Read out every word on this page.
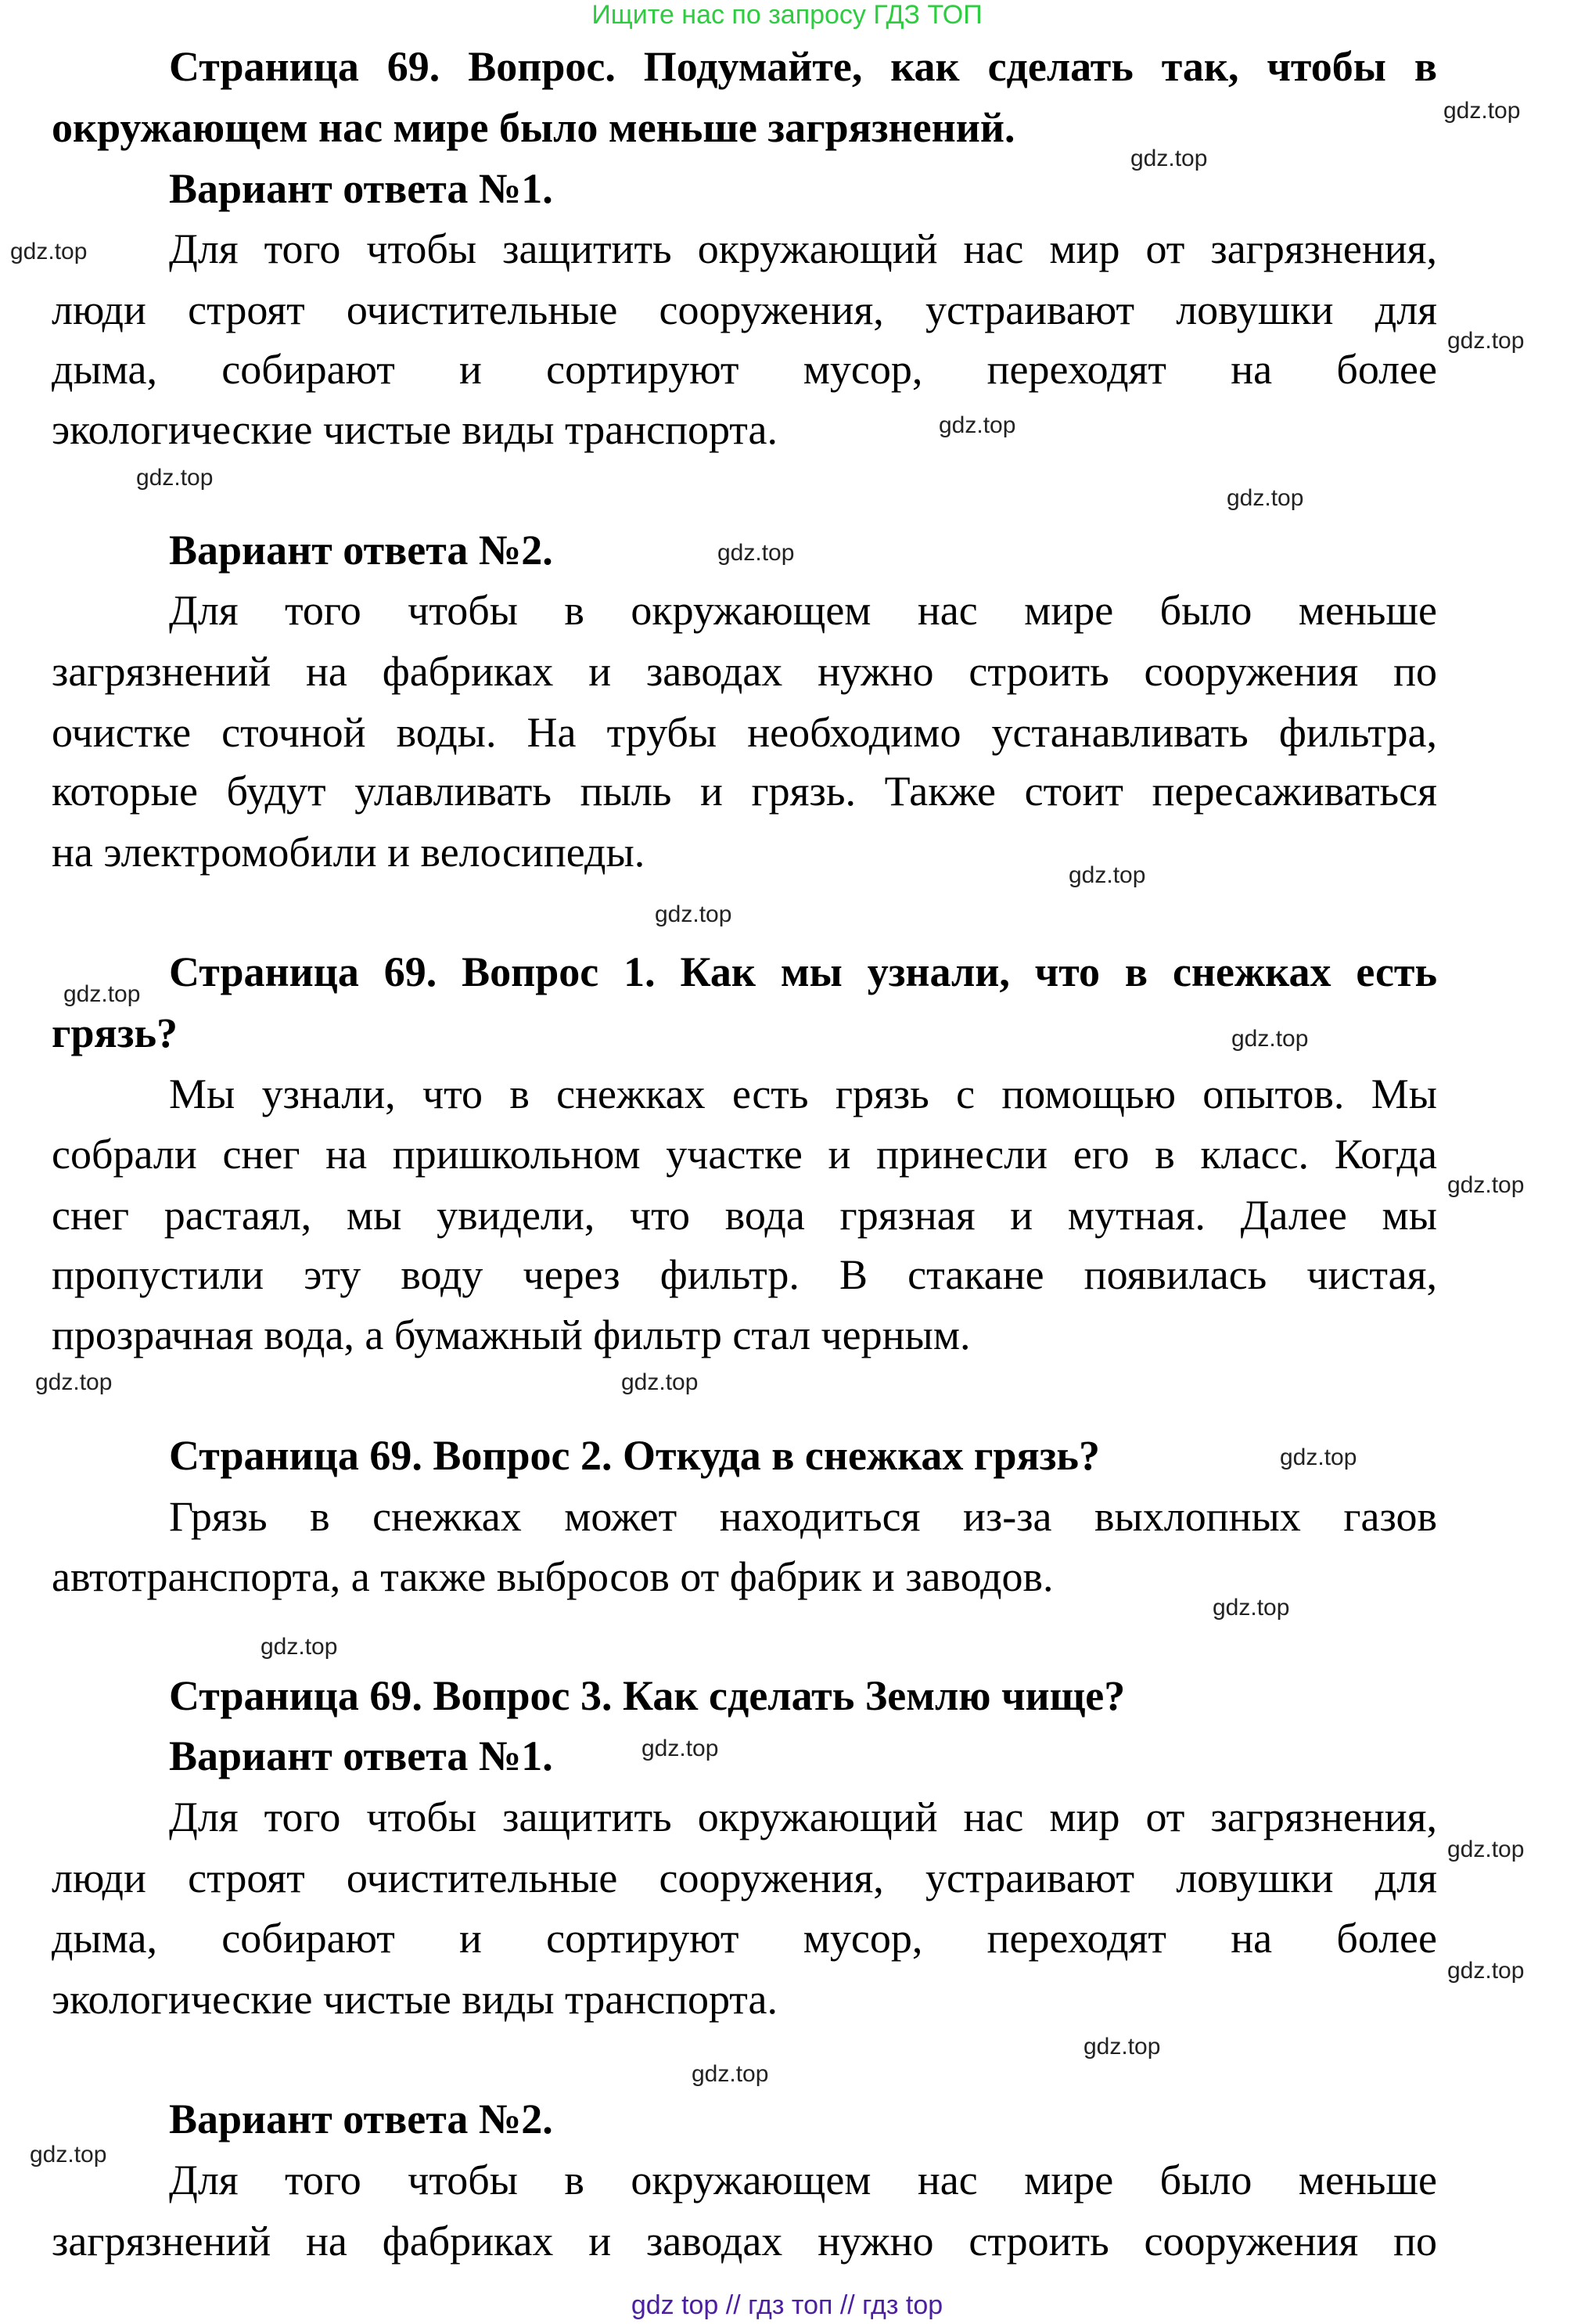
Ищите нас по запросу ГДЗ ТОП
Страница 69. Вопрос. Подумайте, как сделать так, чтобы в
окружающем нас мире было меньше загрязнений.
Вариант ответа №1.
Для того чтобы защитить окружающий нас мир от загрязнения,
люди строят очистительные сооружения, устраивают ловушки для
дыма, собирают и сортируют мусор, переходят на более
экологические чистые виды транспорта.
Вариант ответа №2.
Для того чтобы в окружающем нас мире было меньше
загрязнений на фабриках и заводах нужно строить сооружения по
очистке сточной воды. На трубы необходимо устанавливать фильтра,
которые будут улавливать пыль и грязь. Также стоит пересаживаться
на электромобили и велосипеды.
Страница 69. Вопрос 1. Как мы узнали, что в снежках есть
грязь?
Мы узнали, что в снежках есть грязь с помощью опытов. Мы
собрали снег на пришкольном участке и принесли его в класс. Когда
снег растаял, мы увидели, что вода грязная и мутная. Далее мы
пропустили эту воду через фильтр. В стакане появилась чистая,
прозрачная вода, а бумажный фильтр стал черным.
Страница 69. Вопрос 2. Откуда в снежках грязь?
Грязь в снежках может находиться из-за выхлопных газов
автотранспорта, а также выбросов от фабрик и заводов.
Страница 69. Вопрос 3. Как сделать Землю чище?
Вариант ответа №1.
Для того чтобы защитить окружающий нас мир от загрязнения,
люди строят очистительные сооружения, устраивают ловушки для
дыма, собирают и сортируют мусор, переходят на более
экологические чистые виды транспорта.
Вариант ответа №2.
Для того чтобы в окружающем нас мире было меньше
загрязнений на фабриках и заводах нужно строить сооружения по
gdz.top
gdz.top
gdz.top
gdz.top
gdz.top
gdz.top
gdz.top
gdz.top
gdz.top
gdz.top
gdz.top
gdz.top
gdz.top
gdz.top	gdz.top
gdz.top
gdz.top
gdz.top
gdz.top
gdz.top
gdz.top
gdz.top
gdz.top
gdz.top
gdz top // гдз топ // гдз top
